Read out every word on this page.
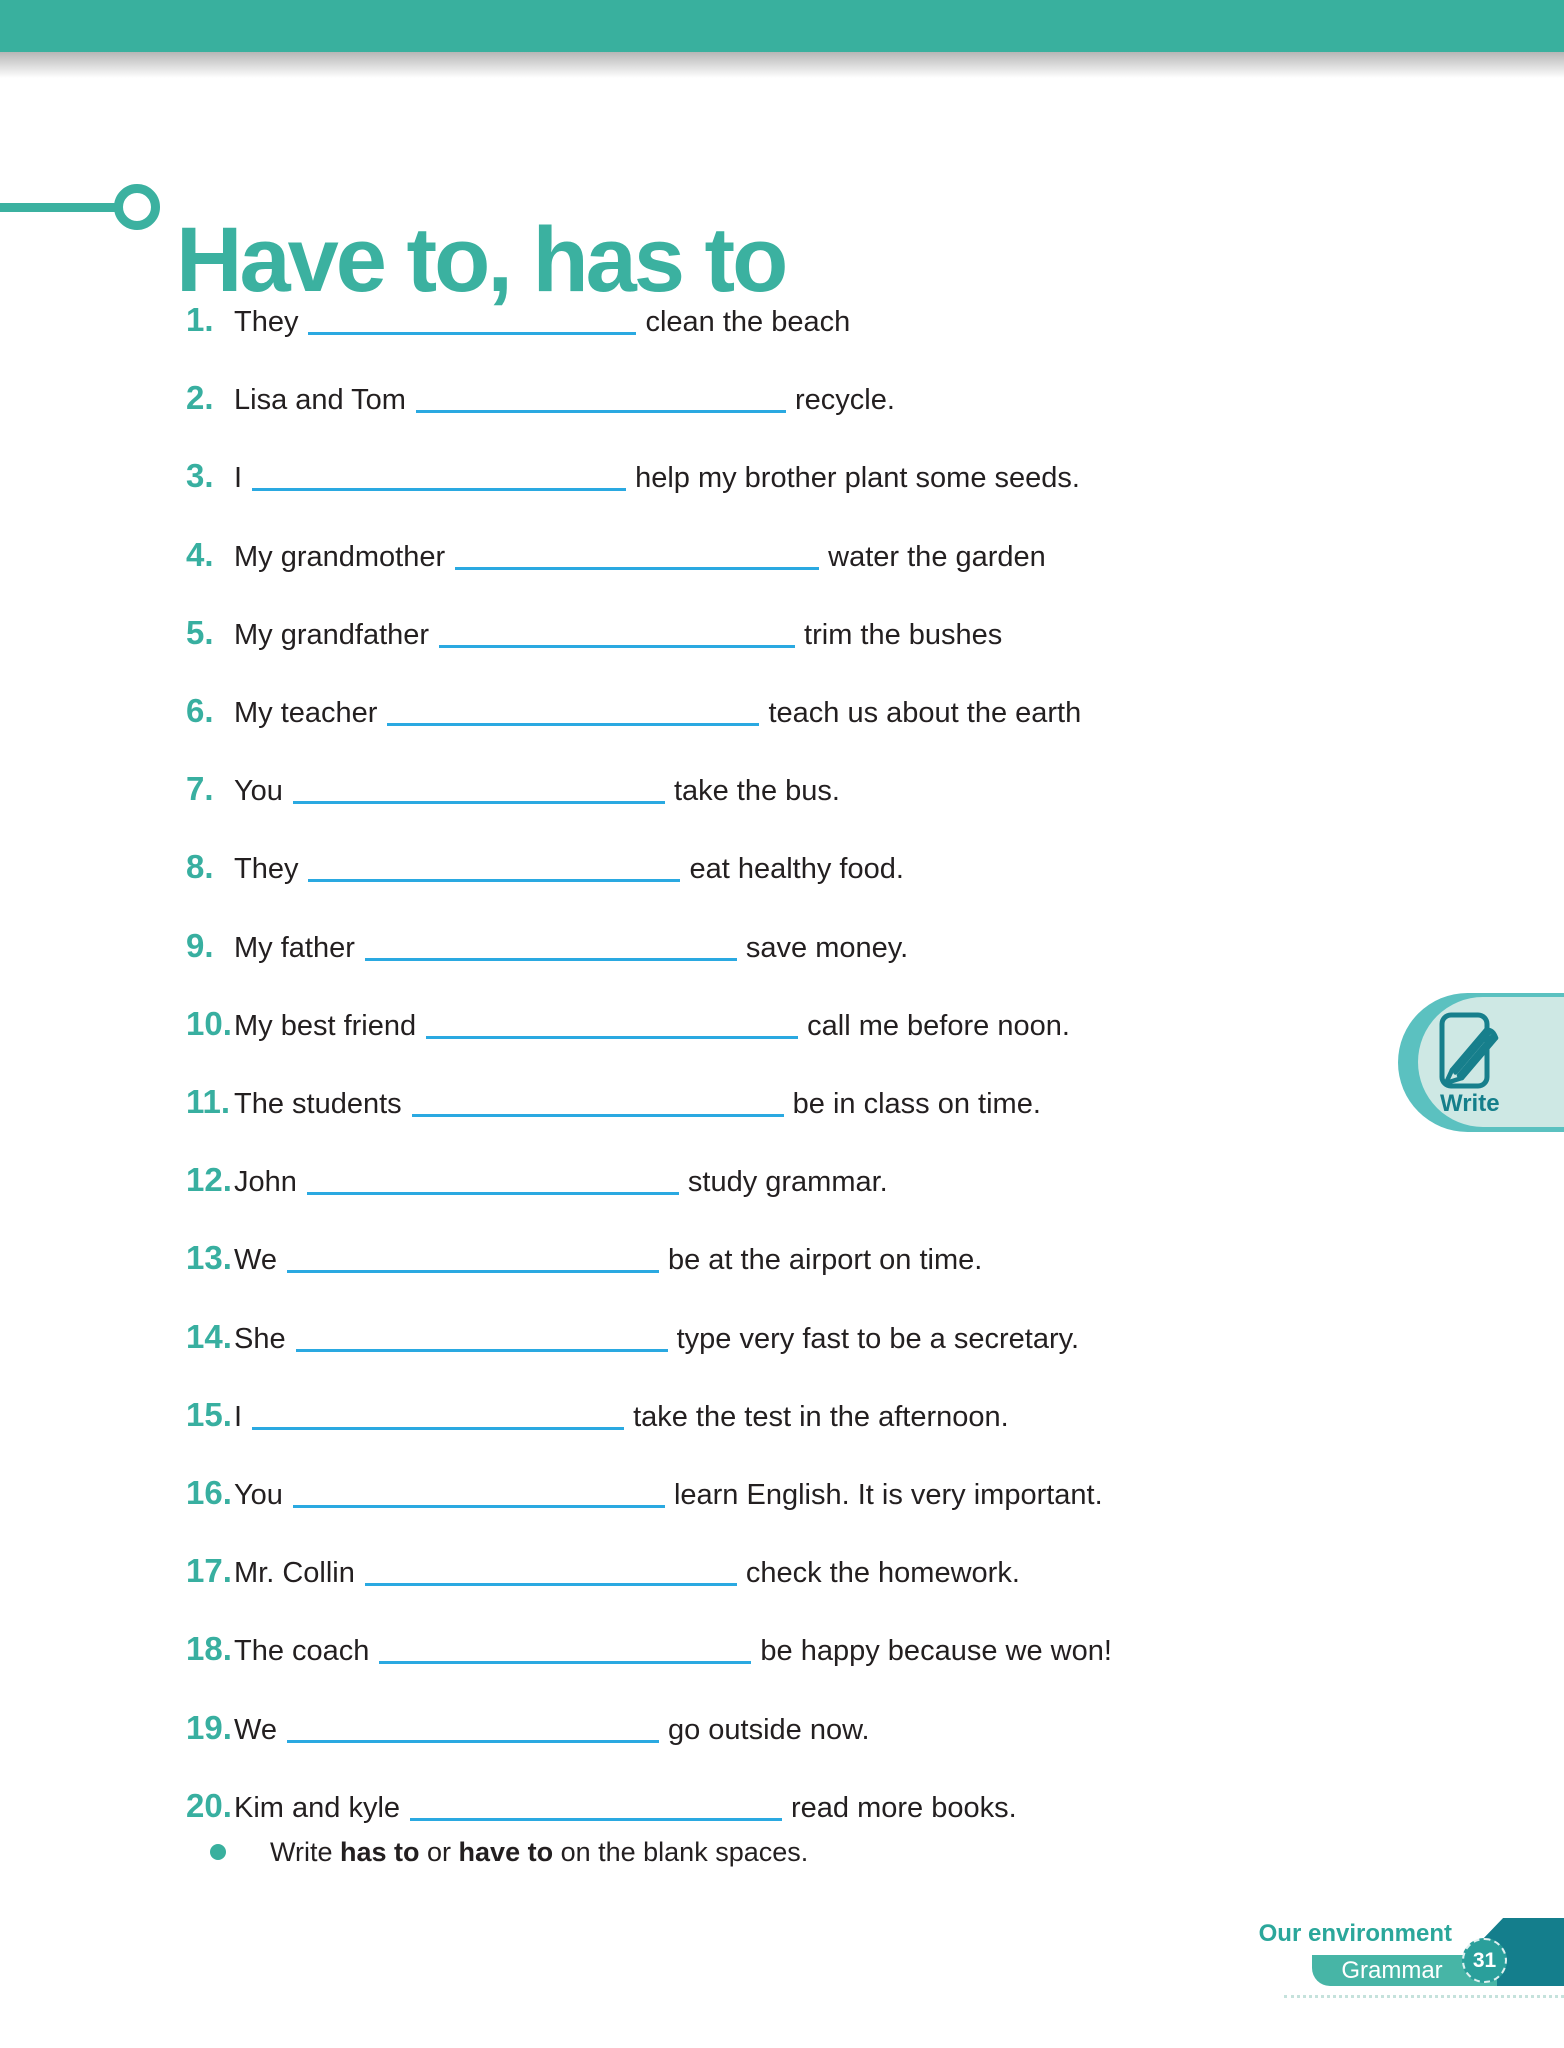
Have to, has to
1. They	clean the beach
2. Lisa and Tom	recycle.
3. I	help my brother plant some seeds.
4. My grandmother	water the garden
5. My grandfather	trim the bushes
6. My teacher	teach us about the earth
7. You	take the bus.
8. They	eat healthy food.
9. My father	save money.
10. My best friend	call me before noon.
11. The students	be in class on time.
12. John	study grammar.
13. We	be at the airport on time.
14. She	type very fast to be a secretary.
15. I	take the test in the afternoon.
16. You	learn English. It is very important.
17. Mr. Collin	check the homework.
18. The coach	be happy because we won!
19. We	go outside now.
20. Kim and kyle	read more books.
Write has to or have to on the blank spaces.
Write
Our environment
Grammar	31
